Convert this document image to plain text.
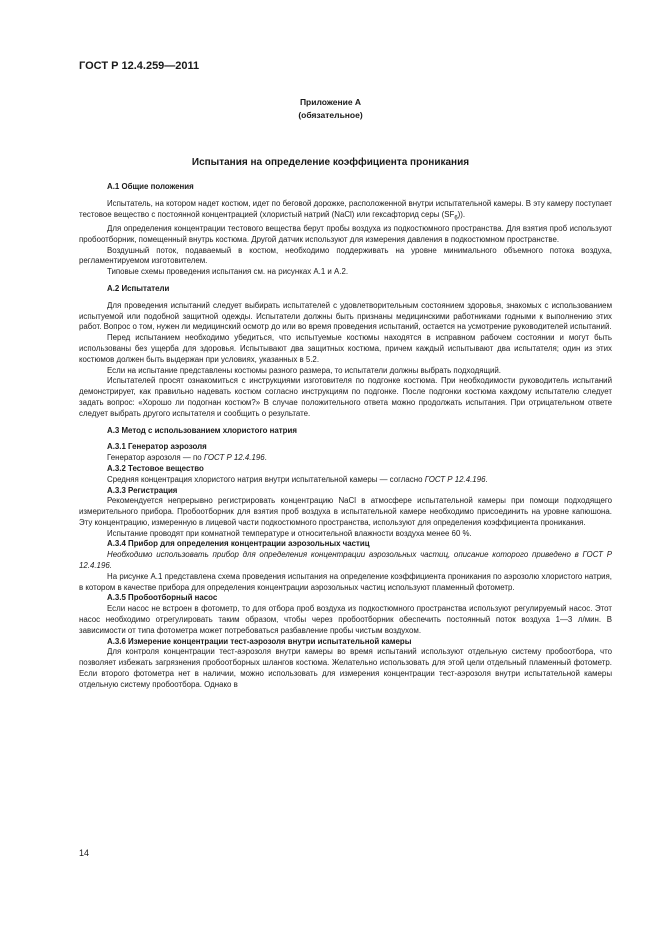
ГОСТ Р 12.4.259—2011
Приложение А
(обязательное)
Испытания на определение коэффициента проникания
А.1 Общие положения

Испытатель, на котором надет костюм, идет по беговой дорожке, расположенной внутри испытательной камеры. В эту камеру поступает тестовое вещество с постоянной концентрацией (хлористый натрий (NaCl) или гексафторид серы $(SF_6)$).

Для определения концентрации тестового вещества берут пробы воздуха из подкостюмного пространства. Для взятия проб используют пробоотборник, помещенный внутрь костюма. Другой датчик используют для измерения давления в подкостюмном пространстве.

Воздушный поток, подаваемый в костюм, необходимо поддерживать на уровне минимального объемного потока воздуха, регламентируемом изготовителем.

Типовые схемы проведения испытания см. на рисунках А.1 и А.2.

А.2 Испытатели

Для проведения испытаний следует выбирать испытателей с удовлетворительным состоянием здоровья, знакомых с использованием испытуемой или подобной защитной одежды. Испытатели должны быть признаны медицинскими работниками годными к выполнению этих работ. Вопрос о том, нужен ли медицинский осмотр до или во время проведения испытаний, остается на усмотрение руководителей испытаний.

Перед испытанием необходимо убедиться, что испытуемые костюмы находятся в исправном рабочем состоянии и могут быть использованы без ущерба для здоровья. Испытывают два защитных костюма, причем каждый испытывают два испытателя; один из этих костюмов должен быть выдержан при условиях, указанных в 5.2.

Если на испытание представлены костюмы разного размера, то испытатели должны выбрать подходящий.

Испытателей просят ознакомиться с инструкциями изготовителя по подгонке костюма. При необходимости руководитель испытаний демонстрирует, как правильно надевать костюм согласно инструкциям по подгонке. После подгонки костюма каждому испытателю следует задать вопрос: «Хорошо ли подогнан костюм?» В случае положительного ответа можно продолжать испытания. При отрицательном ответе следует выбрать другого испытателя и сообщить о результате.

А.3 Метод с использованием хлористого натрия
А.3.1 Генератор аэрозоля

Генератор аэрозоля — по ГОСТ Р 12.4.196.

А.3.2 Тестовое вещество

Средняя концентрация хлористого натрия внутри испытательной камеры — согласно ГОСТ Р 12.4.196.

А.3.3 Регистрация

Рекомендуется непрерывно регистрировать концентрацию NaCl в атмосфере испытательной камеры при помощи подходящего измерительного прибора. Пробоотборник для взятия проб воздуха в испытательной камере необходимо присоединить на уровне капюшона. Эту концентрацию, измеренную в лицевой части подкостюмного пространства, используют для определения коэффициента проникания.

Испытание проводят при комнатной температуре и относительной влажности воздуха менее 60 %.

А.3.4 Прибор для определения концентрации аэрозольных частиц

Необходимо использовать прибор для определения концентрации аэрозольных частиц, описание которого приведено в ГОСТ Р 12.4.196.

На рисунке А.1 представлена схема проведения испытания на определение коэффициента проникания по аэрозолю хлористого натрия, в котором в качестве прибора для определения концентрации аэрозольных частиц используют пламенный фотометр.

А.3.5 Пробоотборный насос

Если насос не встроен в фотометр, то для отбора проб воздуха из подкостюмного пространства используют регулируемый насос. Этот насос необходимо отрегулировать таким образом, чтобы через пробоотборник обеспечить постоянный поток воздуха 1—3 л/мин. В зависимости от типа фотометра может потребоваться разбавление пробы чистым воздухом.

А.3.6 Измерение концентрации тест-аэрозоля внутри испытательной камеры

Для контроля концентрации тест-аэрозоля внутри камеры во время испытаний используют отдельную систему пробоотбора, что позволяет избежать загрязнения пробоотборных шлангов костюма. Желательно использовать для этой цели отдельный пламенный фотометр. Если второго фотометра нет в наличии, можно использовать для измерения концентрации тест-аэрозоля внутри испытательной камеры отдельную систему пробоотбора. Однако в

14
